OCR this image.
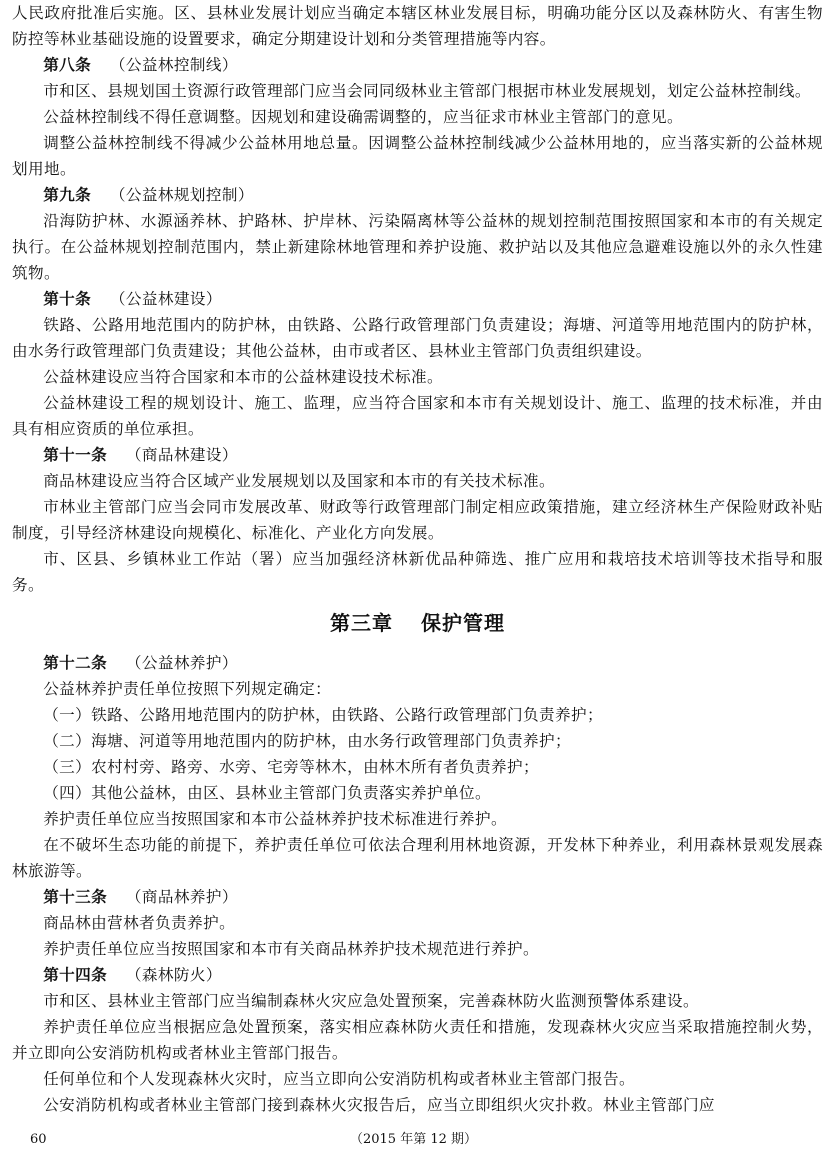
人民政府批准后实施。区、县林业发展计划应当确定本辖区林业发展目标，明确功能分区以及森林防火、有害生物防控等林业基础设施的设置要求，确定分期建设计划和分类管理措施等内容。

第八条 （公益林控制线）

市和区、县规划国土资源行政管理部门应当会同同级林业主管部门根据市林业发展规划，划定公益林控制线。

公益林控制线不得任意调整。因规划和建设确需调整的，应当征求市林业主管部门的意见。

调整公益林控制线不得减少公益林用地总量。因调整公益林控制线减少公益林用地的，应当落实新的公益林规划用地。

第九条 （公益林规划控制）

沿海防护林、水源涵养林、护路林、护岸林、污染隔离林等公益林的规划控制范围按照国家和本市的有关规定执行。在公益林规划控制范围内，禁止新建除林地管理和养护设施、救护站以及其他应急避难设施以外的永久性建筑物。

第十条 （公益林建设）

铁路、公路用地范围内的防护林，由铁路、公路行政管理部门负责建设；海塘、河道等用地范围内的防护林，由水务行政管理部门负责建设；其他公益林，由市或者区、县林业主管部门负责组织建设。

公益林建设应当符合国家和本市的公益林建设技术标准。

公益林建设工程的规划设计、施工、监理，应当符合国家和本市有关规划设计、施工、监理的技术标准，并由具有相应资质的单位承担。

第十一条 （商品林建设）

商品林建设应当符合区域产业发展规划以及国家和本市的有关技术标准。

市林业主管部门应当会同市发展改革、财政等行政管理部门制定相应政策措施，建立经济林生产保险财政补贴制度，引导经济林建设向规模化、标准化、产业化方向发展。

市、区县、乡镇林业工作站（署）应当加强经济林新优品种筛选、推广应用和栽培技术培训等技术指导和服务。

第三章 保护管理

第十二条 （公益林养护）

公益林养护责任单位按照下列规定确定：

（一）铁路、公路用地范围内的防护林，由铁路、公路行政管理部门负责养护；

（二）海塘、河道等用地范围内的防护林，由水务行政管理部门负责养护；

（三）农村村旁、路旁、水旁、宅旁等林木，由林木所有者负责养护；

（四）其他公益林，由区、县林业主管部门负责落实养护单位。

养护责任单位应当按照国家和本市公益林养护技术标准进行养护。

在不破坏生态功能的前提下，养护责任单位可依法合理利用林地资源，开发林下种养业，利用森林景观发展森林旅游等。

第十三条 （商品林养护）

商品林由营林者负责养护。

养护责任单位应当按照国家和本市有关商品林养护技术规范进行养护。

第十四条 （森林防火）

市和区、县林业主管部门应当编制森林火灾应急处置预案，完善森林防火监测预警体系建设。

养护责任单位应当根据应急处置预案，落实相应森林防火责任和措施，发现森林火灾应当采取措施控制火势，并立即向公安消防机构或者林业主管部门报告。

任何单位和个人发现森林火灾时，应当立即向公安消防机构或者林业主管部门报告。

公安消防机构或者林业主管部门接到森林火灾报告后，应当立即组织火灾扑救。林业主管部门应

60	（2015 年第 12 期）
